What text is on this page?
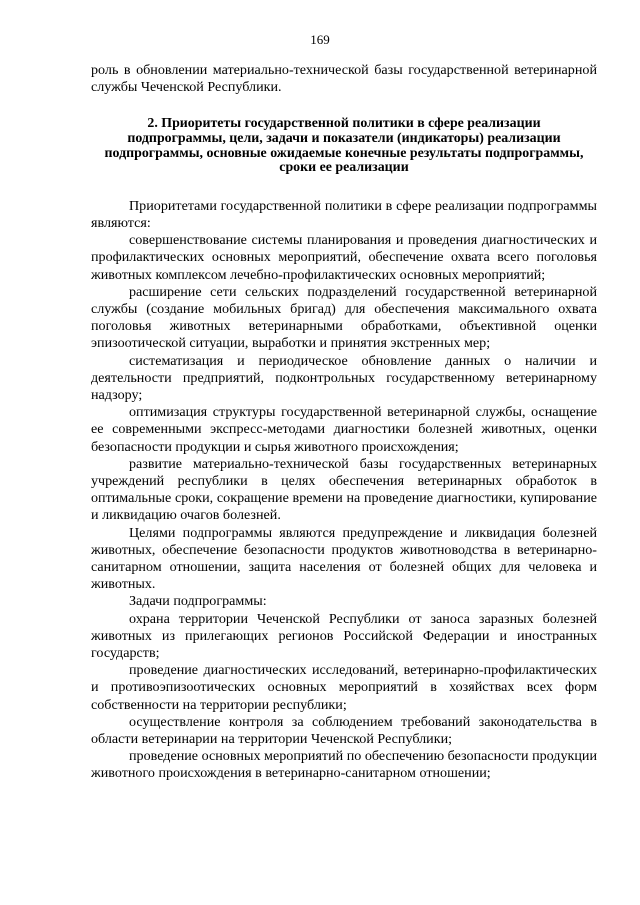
169

роль в обновлении материально-технической базы государственной ветеринарной службы Чеченской Республики.

2. Приоритеты государственной политики в сфере реализации подпрограммы, цели, задачи и показатели (индикаторы) реализации подпрограммы, основные ожидаемые конечные результаты подпрограммы, сроки ее реализации

Приоритетами государственной политики в сфере реализации подпрограммы являются:

совершенствование системы планирования и проведения диагностических и профилактических основных мероприятий, обеспечение охвата всего поголовья животных комплексом лечебно-профилактических основных мероприятий;

расширение сети сельских подразделений государственной ветеринарной службы (создание мобильных бригад) для обеспечения максимального охвата поголовья животных ветеринарными обработками, объективной оценки эпизоотической ситуации, выработки и принятия экстренных мер;

систематизация и периодическое обновление данных о наличии и деятельности предприятий, подконтрольных государственному ветеринарному надзору;

оптимизация структуры государственной ветеринарной службы, оснащение ее современными экспресс-методами диагностики болезней животных, оценки безопасности продукции и сырья животного происхождения;

развитие материально-технической базы государственных ветеринарных учреждений республики в целях обеспечения ветеринарных обработок в оптимальные сроки, сокращение времени на проведение диагностики, купирование и ликвидацию очагов болезней.

Целями подпрограммы являются предупреждение и ликвидация болезней животных, обеспечение безопасности продуктов животноводства в ветеринарно-санитарном отношении, защита населения от болезней общих для человека и животных.

Задачи подпрограммы:

охрана территории Чеченской Республики от заноса заразных болезней животных из прилегающих регионов Российской Федерации и иностранных государств;

проведение диагностических исследований, ветеринарно-профилактических и противоэпизоотических основных мероприятий в хозяйствах всех форм собственности на территории республики;

осуществление контроля за соблюдением требований законодательства в области ветеринарии на территории Чеченской Республики;

проведение основных мероприятий по обеспечению безопасности продукции животного происхождения в ветеринарно-санитарном отношении;
